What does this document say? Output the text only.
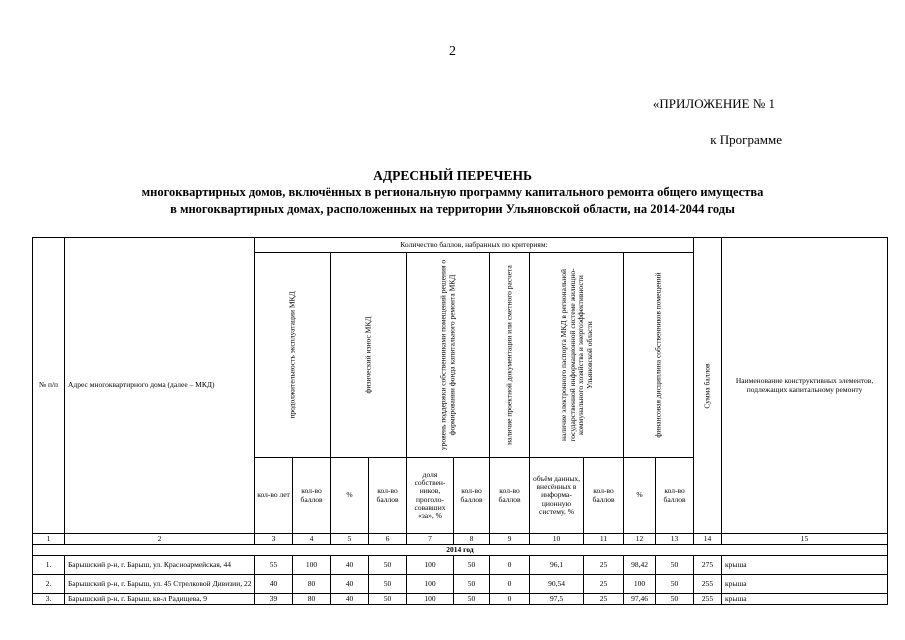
2
«ПРИЛОЖЕНИЕ № 1
к Программе
АДРЕСНЫЙ ПЕРЕЧЕНЬ
многоквартирных домов, включённых в региональную программу капитального ремонта общего имущества
в многоквартирных домах, расположенных на территории Ульяновской области, на 2014-2044 годы
№ п/п	Адрес многоквартирного дома (далее – МКД)	Количество баллов, набранных по критериям:											Сумма баллов	Наименование конструктивных элементов, подлежащих капитальному ремонту

		продолжительность эксплуатации МКД		физический износ МКД		уровень поддержки собственниками помещений решения о формировании фонда капитального ремонта МКД		наличие проектной документации или сметного расчета	наличие электронного паспорта МКД в региональной государственной информационной системе жилищно-коммунального хозяйства и энергоэффективности Ульяновской области		финансовая дисциплина собственников помещений			

		кол-во лет	кол-во баллов	%	кол-во баллов	доля собствен-ников, проголо-совавших «за», %	кол-во баллов	кол-во баллов	объём данных, внесённых в информа-ционную систему, %	кол-во баллов	%	кол-во баллов		
1	2	3	4	5	6	7	8	9	10	11	12	13	14	15
2014 год														
1.	Барышский р-н, г. Барыш, ул. Красноармейская, 44	55	100	40	50	100	50	0	96,1	25	98,42	50	275	крыша
2.	Барышский р-н, г. Барыш, ул. 45 Стрелковой Дивизии, 22	40	80	40	50	100	50	0	90,54	25	100	50	255	крыша
3.	Барышский р-н, г. Барыш, кв-л Радищева, 9	39	80	40	50	100	50	0	97,5	25	97,46	50	255	крыша
